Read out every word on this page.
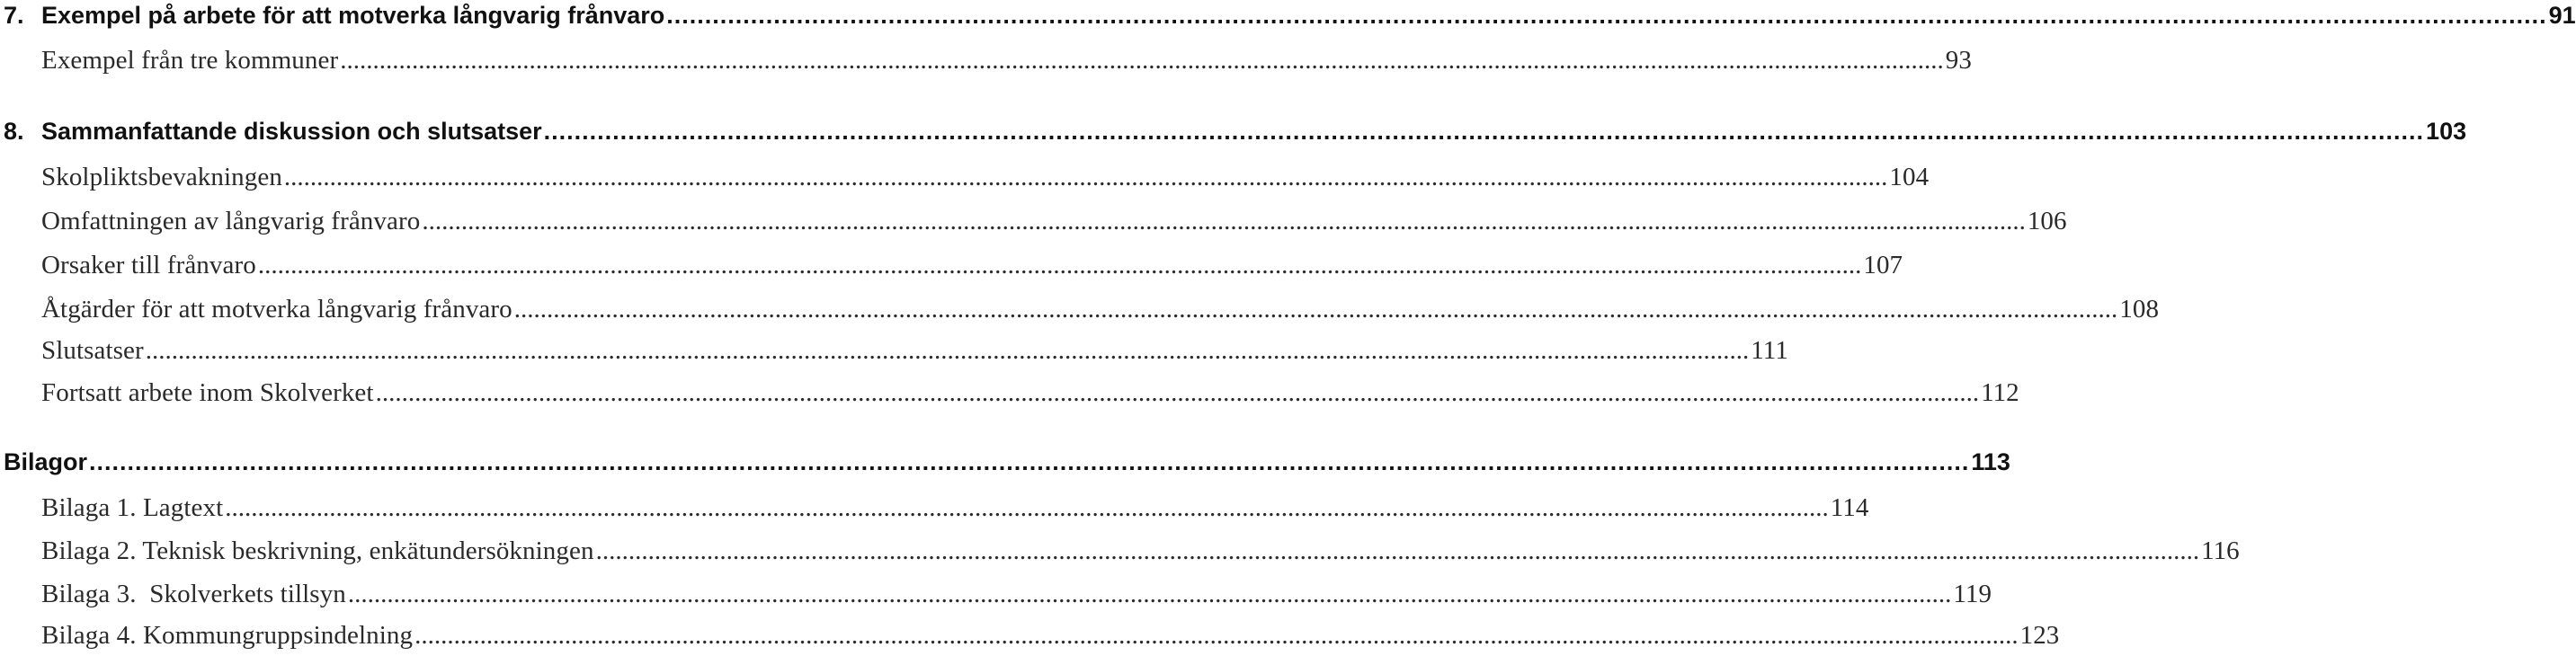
7. Exempel på arbete för att motverka långvarig frånvaro .....	91
Exempel från tre kommuner .....	93
8. Sammanfattande diskussion och slutsatser .....	103
Skolpliktsbevakningen .....	104
Omfattningen av långvarig frånvaro .....	106
Orsaker till frånvaro .....	107
Åtgärder för att motverka långvarig frånvaro .....	108
Slutsatser .....	111
Fortsatt arbete inom Skolverket .....	112
Bilagor .....	113
Bilaga 1. Lagtext .....	114
Bilaga 2. Teknisk beskrivning, enkätundersökningen .....	116
Bilaga 3.  Skolverkets tillsyn .....	119
Bilaga 4. Kommungruppsindelning .....	123
